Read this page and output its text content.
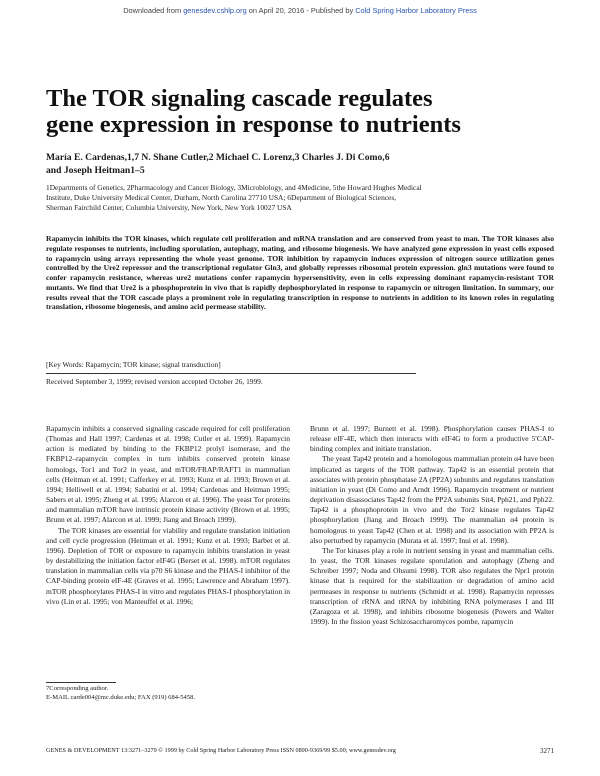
Downloaded from genesdev.cshlp.org on April 20, 2016 - Published by Cold Spring Harbor Laboratory Press
The TOR signaling cascade regulates
gene expression in response to nutrients
María E. Cardenas,1,7 N. Shane Cutler,2 Michael C. Lorenz,3 Charles J. Di Como,6
and Joseph Heitman1–5
1Departments of Genetics, 2Pharmacology and Cancer Biology, 3Microbiology, and 4Medicine, 5the Howard Hughes Medical
Institute, Duke University Medical Center, Durham, North Carolina 27710 USA; 6Department of Biological Sciences,
Sherman Fairchild Center, Columbia University, New York, New York 10027 USA
Rapamycin inhibits the TOR kinases, which regulate cell proliferation and mRNA translation and are conserved from yeast to man. The TOR kinases also regulate responses to nutrients, including sporulation, autophagy, mating, and ribosome biogenesis. We have analyzed gene expression in yeast cells exposed to rapamycin using arrays representing the whole yeast genome. TOR inhibition by rapamycin induces expression of nitrogen source utilization genes controlled by the Ure2 repressor and the transcriptional regulator Gln3, and globally represses ribosomal protein expression. gln3 mutations were found to confer rapamycin resistance, whereas ure2 mutations confer rapamycin hypersensitivity, even in cells expressing dominant rapamycin-resistant TOR mutants. We find that Ure2 is a phosphoprotein in vivo that is rapidly dephosphorylated in response to rapamycin or nitrogen limitation. In summary, our results reveal that the TOR cascade plays a prominent role in regulating transcription in response to nutrients in addition to its known roles in regulating translation, ribosome biogenesis, and amino acid permease stability.
[Key Words: Rapamycin; TOR kinase; signal transduction]
Received September 3, 1999; revised version accepted October 26, 1999.

Rapamycin inhibits a conserved signaling cascade required for cell proliferation (Thomas and Hall 1997; Cardenas et al. 1998; Cutler et al. 1999). Rapamycin action is mediated by binding to the FKBP12 prolyl isomerase, and the FKBP12–rapamycin complex in turn inhibits conserved protein kinase homologs, Tor1 and Tor2 in yeast, and mTOR/FRAP/RAFT1 in mammalian cells (Heitman et al. 1991; Cafferkey et al. 1993; Kunz et al. 1993; Brown et al. 1994; Helliwell et al. 1994; Sabatini et al. 1994; Cardenas and Heitman 1995; Sabers et al. 1995; Zheng et al. 1995; Alarcon et al. 1996). The yeast Tor proteins and mammalian mTOR have intrinsic protein kinase activity (Brown et al. 1995; Brunn et al. 1997; Alarcon et al. 1999; Jiang and Broach 1999).

The TOR kinases are essential for viability and regulate translation initiation and cell cycle progression (Heitman et al. 1991; Kunz et al. 1993; Barbet et al. 1996). Depletion of TOR or exposure to rapamycin inhibits translation in yeast by destabilizing the initiation factor eIF4G (Berset et al. 1998). mTOR regulates translation in mammalian cells via p70 S6 kinase and the PHAS-I inhibitor of the CAP-binding protein eIF-4E (Graves et al. 1995; Lawrence and Abraham 1997). mTOR phosphorylates PHAS-I in vitro and regulates PHAS-I phosphorylation in vivo (Lin et al. 1995; von Manteuffel et al. 1996;

Brunn et al. 1997; Burnett et al. 1998). Phosphorylation causes PHAS-I to release eIF-4E, which then interacts with eIF4G to form a productive 5′CAP-binding complex and initiate translation.

The yeast Tap42 protein and a homologous mammalian protein α4 have been implicated as targets of the TOR pathway. Tap42 is an essential protein that associates with protein phosphatase 2A (PP2A) subunits and regulates translation initiation in yeast (Di Como and Arndt 1996). Rapamycin treatment or nutrient deprivation disassociates Tap42 from the PP2A subunits Sit4, Pph21, and Pph22. Tap42 is a phosphoprotein in vivo and the Tor2 kinase regulates Tap42 phosphorylation (Jiang and Broach 1999). The mammalian α4 protein is homologous to yeast Tap42 (Chen et al. 1998) and its association with PP2A is also perturbed by rapamycin (Murata et al. 1997; Inui et al. 1998).

The Tor kinases play a role in nutrient sensing in yeast and mammalian cells. In yeast, the TOR kinases regulate sporulation and autophagy (Zheng and Schreiber 1997; Noda and Ohsumi 1998). TOR also regulates the Npr1 protein kinase that is required for the stabilization or degradation of amino acid permeases in response to nutrients (Schmidt et al. 1998). Rapamycin represses transcription of rRNA and tRNA by inhibiting RNA polymerases I and III (Zaragoza et al. 1998), and inhibits ribosome biogenesis (Powers and Walter 1999). In the fission yeast Schizosaccharomyces pombe, rapamycin

7Corresponding author.
E-MAIL carde004@mc.duke.edu; FAX (919) 684-5458.
GENES & DEVELOPMENT 13:3271–3279 © 1999 by Cold Spring Harbor Laboratory Press ISSN 0890-9369/99 $5.00; www.genesdev.org	3271
